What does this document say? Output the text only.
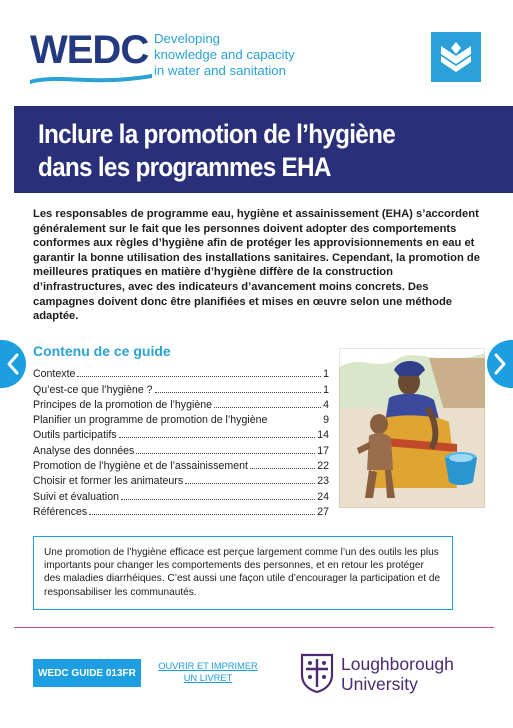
WEDC Developing
knowledge and capacity
in water and sanitation
Inclure la promotion de l’hygiène
dans les programmes EHA
Les responsables de programme eau, hygiène et assainissement (EHA) s’accordent généralement sur le fait que les personnes doivent adopter des comportements conformes aux règles d’hygiène afin de protéger les approvisionnements en eau et garantir la bonne utilisation des installations sanitaires. Cependant, la promotion de meilleures pratiques en matière d’hygiène diffère de la construction d’infrastructures, avec des indicateurs d’avancement moins concrets. Des campagnes doivent donc être planifiées et mises en œuvre selon une méthode adaptée.
Contenu de ce guide
Contexte	1
Qu’est-ce que l’hygiène ?	1
Principes de la promotion de l’hygiène	4
Planifier un programme de promotion de l’hygiène	9
Outils participatifs	14
Analyse des données	17
Promotion de l’hygiène et de l’assainissement	22
Choisir et former les animateurs	23
Suivi et évaluation	24
Références	27
Une promotion de l’hygiène efficace est perçue largement comme l’un des outils les plus importants pour changer les comportements des personnes, et en retour les protéger des maladies diarrhéiques. C’est aussi une façon utile d’encourager la participation et de responsabiliser les communautés.
WEDC GUIDE 013FR
OUVRIR ET IMPRIMER
UN LIVRET
Loughborough
University
